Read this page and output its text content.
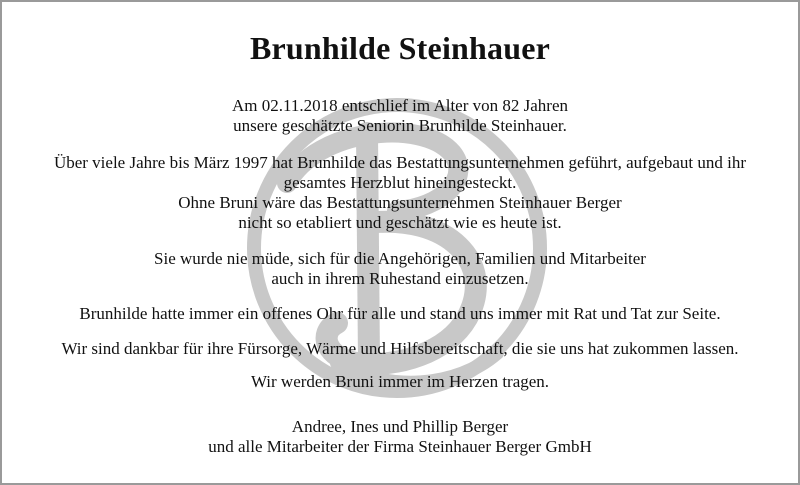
Brunhilde Steinhauer
Am 02.11.2018 entschlief im Alter von 82 Jahren
unsere geschätzte Seniorin Brunhilde Steinhauer.
Über viele Jahre bis März 1997 hat Brunhilde das Bestattungsunternehmen geführt, aufgebaut und ihr
gesamtes Herzblut hineingesteckt.
Ohne Bruni wäre das Bestattungsunternehmen Steinhauer Berger
nicht so etabliert und geschätzt wie es heute ist.
Sie wurde nie müde, sich für die Angehörigen, Familien und Mitarbeiter
auch in ihrem Ruhestand einzusetzen.
Brunhilde hatte immer ein offenes Ohr für alle und stand uns immer mit Rat und Tat zur Seite.
Wir sind dankbar für ihre Fürsorge, Wärme und Hilfsbereitschaft, die sie uns hat zukommen lassen.
Wir werden Bruni immer im Herzen tragen.
Andree, Ines und Phillip Berger
und alle Mitarbeiter der Firma Steinhauer Berger GmbH
